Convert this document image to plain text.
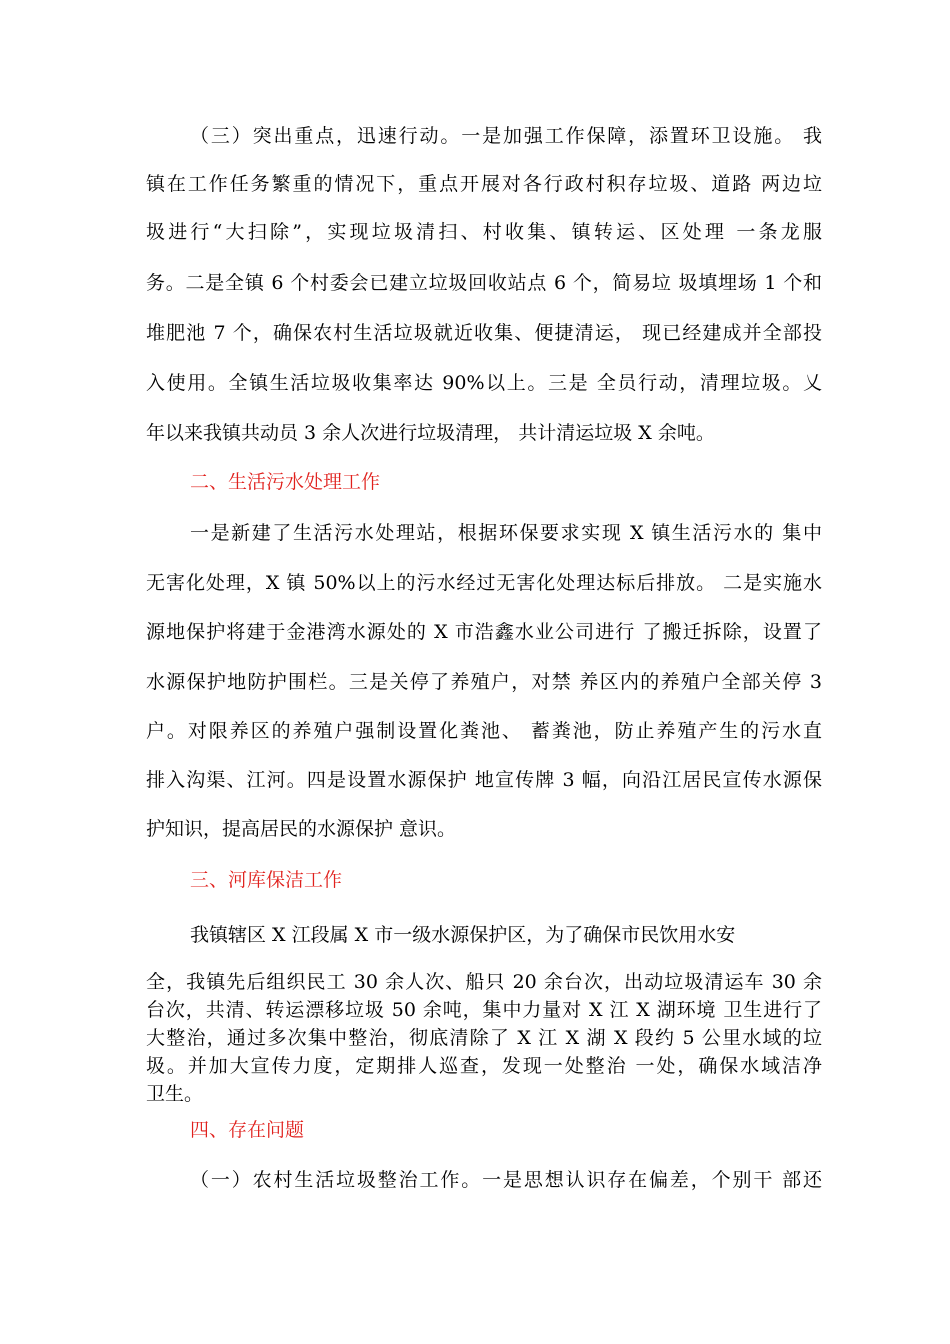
（三）突出重点，迅速行动。一是加强工作保障，添置环卫设施。 我
镇在工作任务繁重的情况下，重点开展对各行政村积存垃圾、道路 两边垃
圾进行“大扫除”，实现垃圾清扫、村收集、镇转运、区处理 一条龙服
务。二是全镇 6 个村委会已建立垃圾回收站点 6 个，简易垃 圾填埋场 1 个和
堆肥池 7 个，确保农村生活垃圾就近收集、便捷清运， 现已经建成并全部投
入使用。全镇生活垃圾收集率达 90%以上。三是 全员行动，清理垃圾。乂
年以来我镇共动员 3 余人次进行垃圾清理， 共计清运垃圾 X 余吨。
二、生活污水处理工作
一是新建了生活污水处理站，根据环保要求实现 X 镇生活污水的 集中
无害化处理，X 镇 50%以上的污水经过无害化处理达标后排放。 二是实施水
源地保护将建于金港湾水源处的 X 市浩鑫水业公司进行 了搬迁拆除，设置了
水源保护地防护围栏。三是关停了养殖户，对禁 养区内的养殖户全部关停 3
户。对限养区的养殖户强制设置化粪池、 蓄粪池，防止养殖产生的污水直
排入沟渠、江河。四是设置水源保护 地宣传牌 3 幅，向沿江居民宣传水源保
护知识，提高居民的水源保护 意识。
三、河库保洁工作
我镇辖区 X 江段属 X 市一级水源保护区，为了确保市民饮用水安
全，我镇先后组织民工 30 余人次、船只 20 余台次，出动垃圾清运车 30 余
台次，共清、转运漂移垃圾 50 余吨，集中力量对 X 江 X 湖环境 卫生进行了
大整治，通过多次集中整治，彻底清除了 X 江 X 湖 X 段约 5 公里水域的垃
圾。并加大宣传力度，定期排人巡查，发现一处整治 一处，确保水域洁净
卫生。
四、存在问题
（一）农村生活垃圾整治工作。一是思想认识存在偏差，个别干 部还
